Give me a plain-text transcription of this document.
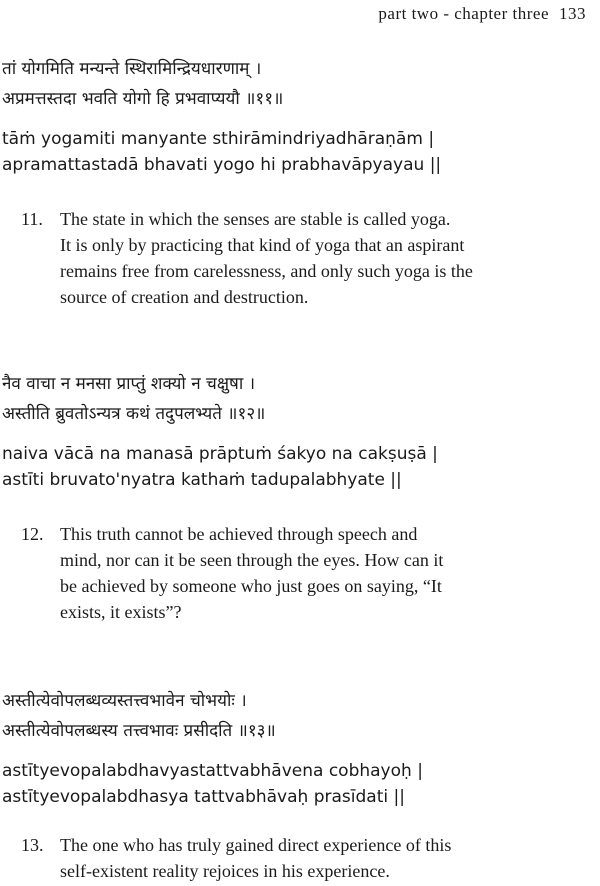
part two - chapter three 133
तां योगमिति मन्यन्ते स्थिरामिन्द्रियधारणाम् ।
अप्रमत्तस्तदा भवति योगो हि प्रभवाप्ययौ ॥११॥
tāṁ yogamiti manyante sthirāmindriyadhāraṇām |
apramattastadā bhavati yogo hi prabhavāpyayau ||
11. The state in which the senses are stable is called yoga.
It is only by practicing that kind of yoga that an aspirant
remains free from carelessness, and only such yoga is the
source of creation and destruction.
नैव वाचा न मनसा प्राप्तुं शक्यो न चक्षुषा ।
अस्तीति ब्रुवतोऽन्यत्र कथं तदुपलभ्यते ॥१२॥
naiva vācā na manasā prāptuṁ śakyo na cakṣuṣā |
astīti bruvato'nyatra kathaṁ tadupalabhyate ||
12. This truth cannot be achieved through speech and
mind, nor can it be seen through the eyes. How can it
be achieved by someone who just goes on saying, “It
exists, it exists”?
अस्तीत्येवोपलब्धव्यस्तत्त्वभावेन चोभयोः ।
अस्तीत्येवोपलब्धस्य तत्त्वभावः प्रसीदति ॥१३॥
astītyevopalabdhavyastattvabhāvena cobhayoḥ |
astītyevopalabdhasya tattvabhāvaḥ prasīdati ||
13. The one who has truly gained direct experience of this
self-existent reality rejoices in his experience.
